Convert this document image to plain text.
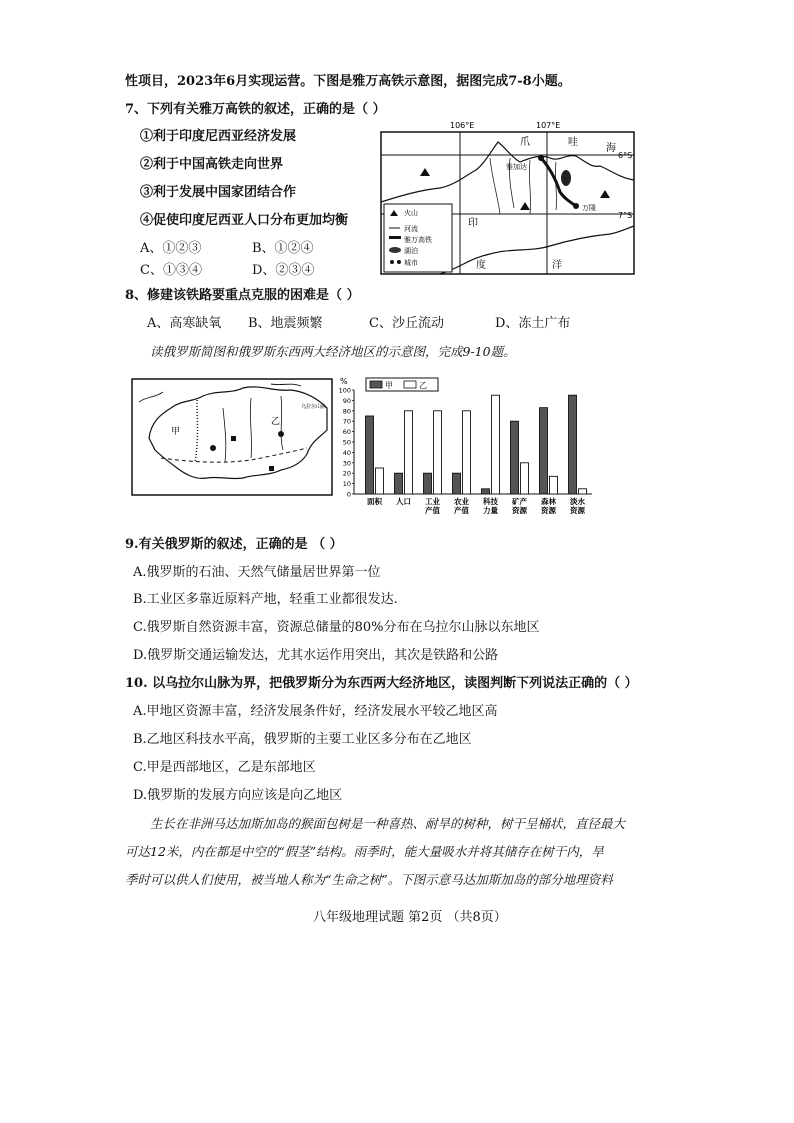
性项目，2023年6月实现运营。下图是雅万高铁示意图，据图完成7-8小题。
7、下列有关雅万高铁的叙述，正确的是（ ）
①利于印度尼西亚经济发展
②利于中国高铁走向世界
③利于发展中国家团结合作
④促使印度尼西亚人口分布更加均衡
A、①②③	B、①②④
C、①③④	D、②③④
火山
河流
雅万高铁
湖泊
城市
106°E	107°E
6°S
7°S
爪	哇
海
印
度	洋
雅加达
万隆
8、修建该铁路要重点克服的困难是（ ）
A、高寒缺氧 B、地震频繁	C、沙丘流动	D、冻土广布
读俄罗斯简图和俄罗斯东西两大经济地区的示意图，完成9-10题。
乌拉尔山脉
甲
乙
%	甲	乙
0
10
20
30
40
50
60
70
80
90
100
面积 人口 工业
产值
农业
产值
科技
力量
矿产
资源
森林
资源
淡水
资源
9.有关俄罗斯的叙述，正确的是 （ ）
A.俄罗斯的石油、天然气储量居世界第一位
B.工业区多靠近原料产地，轻重工业都很发达.
C.俄罗斯自然资源丰富，资源总储量的80%分布在乌拉尔山脉以东地区
D.俄罗斯交通运输发达，尤其水运作用突出，其次是铁路和公路
10. 以乌拉尔山脉为界，把俄罗斯分为东西两大经济地区，读图判断下列说法正确的（ ）
A.甲地区资源丰富，经济发展条件好，经济发展水平较乙地区高
B.乙地区科技水平高，俄罗斯的主要工业区多分布在乙地区
C.甲是西部地区，乙是东部地区
D.俄罗斯的发展方向应该是向乙地区
生长在非洲马达加斯加岛的猴面包树是一种喜热、耐旱的树种，树干呈桶状，直径最大
可达12米，内在都是中空的“假茎”结构。雨季时，能大量吸水并将其储存在树干内，旱
季时可以供人们使用，被当地人称为“生命之树”。下图示意马达加斯加岛的部分地理资料
八年级地理试题 第2页 （共8页）
